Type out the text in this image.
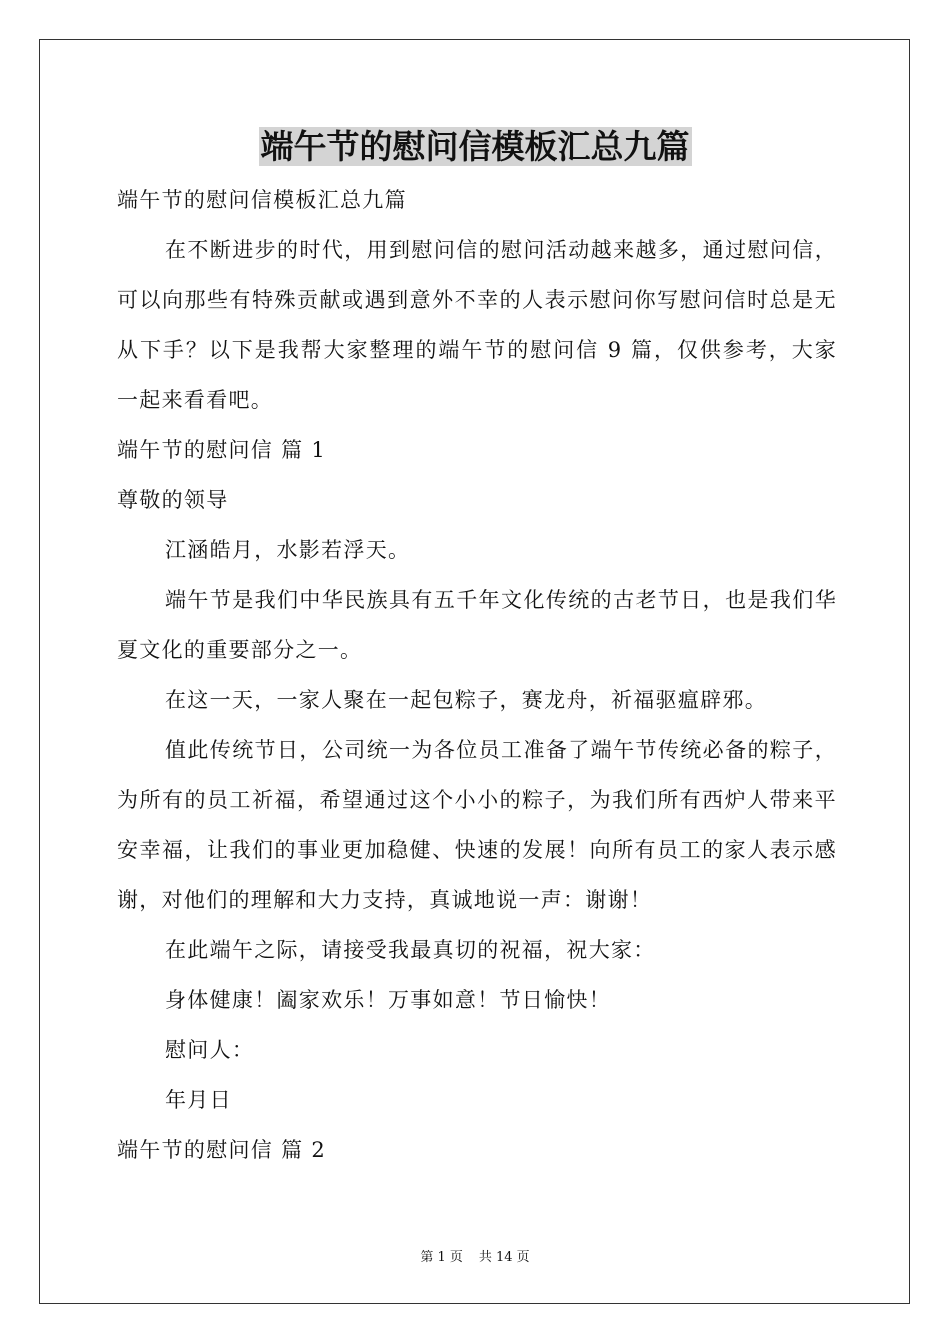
端午节的慰问信模板汇总九篇

端午节的慰问信模板汇总九篇

在不断进步的时代，用到慰问信的慰问活动越来越多，通过慰问信，可以向那些有特殊贡献或遇到意外不幸的人表示慰问你写慰问信时总是无从下手？以下是我帮大家整理的端午节的慰问信 9 篇，仅供参考，大家一起来看看吧。

端午节的慰问信 篇 1

尊敬的领导

江涵皓月，水影若浮天。

端午节是我们中华民族具有五千年文化传统的古老节日，也是我们华夏文化的重要部分之一。

在这一天，一家人聚在一起包粽子，赛龙舟，祈福驱瘟辟邪。

值此传统节日，公司统一为各位员工准备了端午节传统必备的粽子，为所有的员工祈福，希望通过这个小小的粽子，为我们所有西炉人带来平安幸福，让我们的事业更加稳健、快速的发展！向所有员工的家人表示感谢，对他们的理解和大力支持，真诚地说一声：谢谢！

在此端午之际，请接受我最真切的祝福，祝大家：

身体健康！阖家欢乐！万事如意！节日愉快！

慰问人：

年月日

端午节的慰问信 篇 2

第 1 页 共 14 页
